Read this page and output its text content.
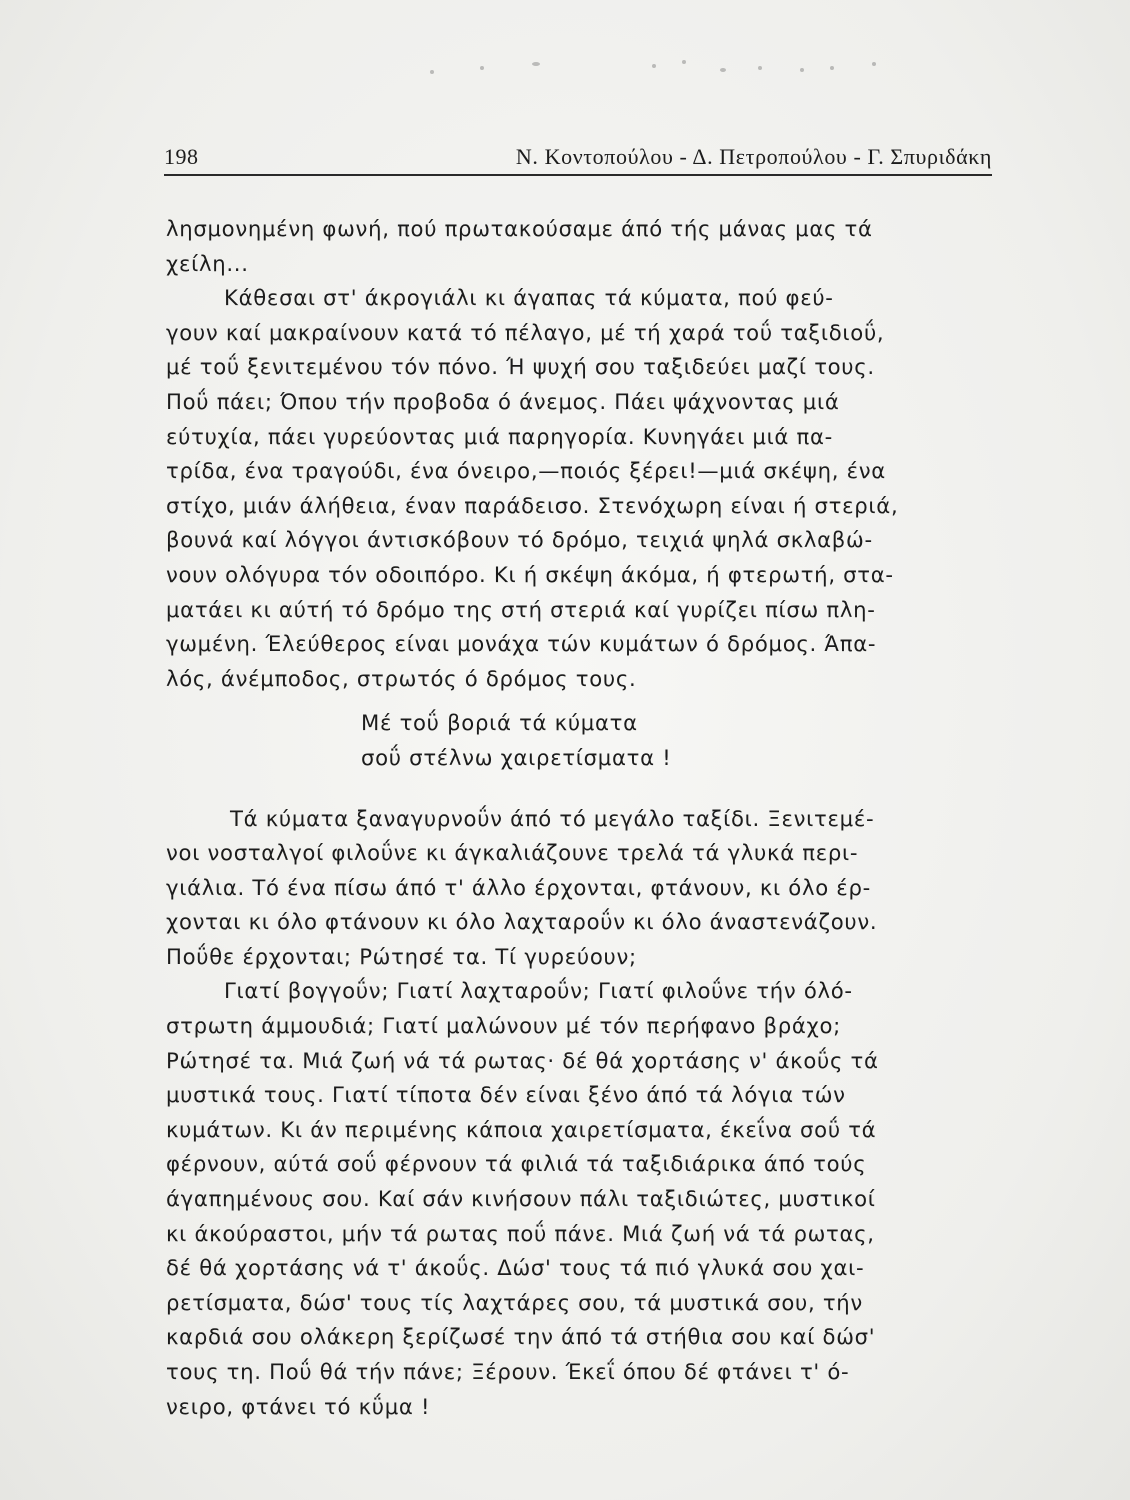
198	Ν. Κοντοπούλου - Δ. Πετροπούλου - Γ. Σπυριδάκη
λησμονημένη φωνή, πού πρωτακούσαμε άπό τής μάνας μας τά
χείλη...
Κάθεσαι στ' άκρογιάλι κι άγαπας τά κύματα, πού φεύ-
γουν καί μακραίνουν κατά τό πέλαγο, μέ τή χαρά τοΰ ταξιδιοΰ,
μέ τοΰ ξενιτεμένου τόν πόνο. Ή ψυχή σου ταξιδεύει μαζί τους.
Ποΰ πάει; Όπου τήν προβοδα ό άνεμος. Πάει ψάχνοντας μιά
εύτυχία, πάει γυρεύοντας μιά παρηγορία. Κυνηγάει μιά πα-
τρίδα, ένα τραγούδι, ένα όνειρο,—ποιός ξέρει!—μιά σκέψη, ένα
στίχο, μιάν άλήθεια, έναν παράδεισο. Στενόχωρη είναι ή στεριά,
βουνά καί λόγγοι άντισκόβουν τό δρόμο, τειχιά ψηλά σκλαβώ-
νουν ολόγυρα τόν οδοιπόρο. Κι ή σκέψη άκόμα, ή φτερωτή, στα-
ματάει κι αύτή τό δρόμο της στή στεριά καί γυρίζει πίσω πλη-
γωμένη. Έλεύθερος είναι μονάχα τών κυμάτων ό δρόμος. Άπα-
λός, άνέμποδος, στρωτός ό δρόμος τους.
Μέ τοΰ βοριά τά κύματα
σοΰ στέλνω χαιρετίσματα !
Τά κύματα ξαναγυρνοΰν άπό τό μεγάλο ταξίδι. Ξενιτεμέ-
νοι νοσταλγοί φιλοΰνε κι άγκαλιάζουνε τρελά τά γλυκά περι-
γιάλια. Τό ένα πίσω άπό τ' άλλο έρχονται, φτάνουν, κι όλο έρ-
χονται κι όλο φτάνουν κι όλο λαχταροΰν κι όλο άναστενάζουν.
Ποΰθε έρχονται; Ρώτησέ τα. Τί γυρεύουν;
Γιατί βογγοΰν; Γιατί λαχταροΰν; Γιατί φιλοΰνε τήν όλό-
στρωτη άμμουδιά; Γιατί μαλώνουν μέ τόν περήφανο βράχο;
Ρώτησέ τα. Μιά ζωή νά τά ρωτας· δέ θά χορτάσης ν' άκοΰς τά
μυστικά τους. Γιατί τίποτα δέν είναι ξένο άπό τά λόγια τών
κυμάτων. Κι άν περιμένης κάποια χαιρετίσματα, έκεΐνα σοΰ τά
φέρνουν, αύτά σοΰ φέρνουν τά φιλιά τά ταξιδιάρικα άπό τούς
άγαπημένους σου. Καί σάν κινήσουν πάλι ταξιδιώτες, μυστικοί
κι άκούραστοι, μήν τά ρωτας ποΰ πάνε. Μιά ζωή νά τά ρωτας,
δέ θά χορτάσης νά τ' άκοΰς. Δώσ' τους τά πιό γλυκά σου χαι-
ρετίσματα, δώσ' τους τίς λαχτάρες σου, τά μυστικά σου, τήν
καρδιά σου ολάκερη ξερίζωσέ την άπό τά στήθια σου καί δώσ'
τους τη. Ποΰ θά τήν πάνε; Ξέρουν. Έκεΐ όπου δέ φτάνει τ' ό-
νειρο, φτάνει τό κΰμα !
